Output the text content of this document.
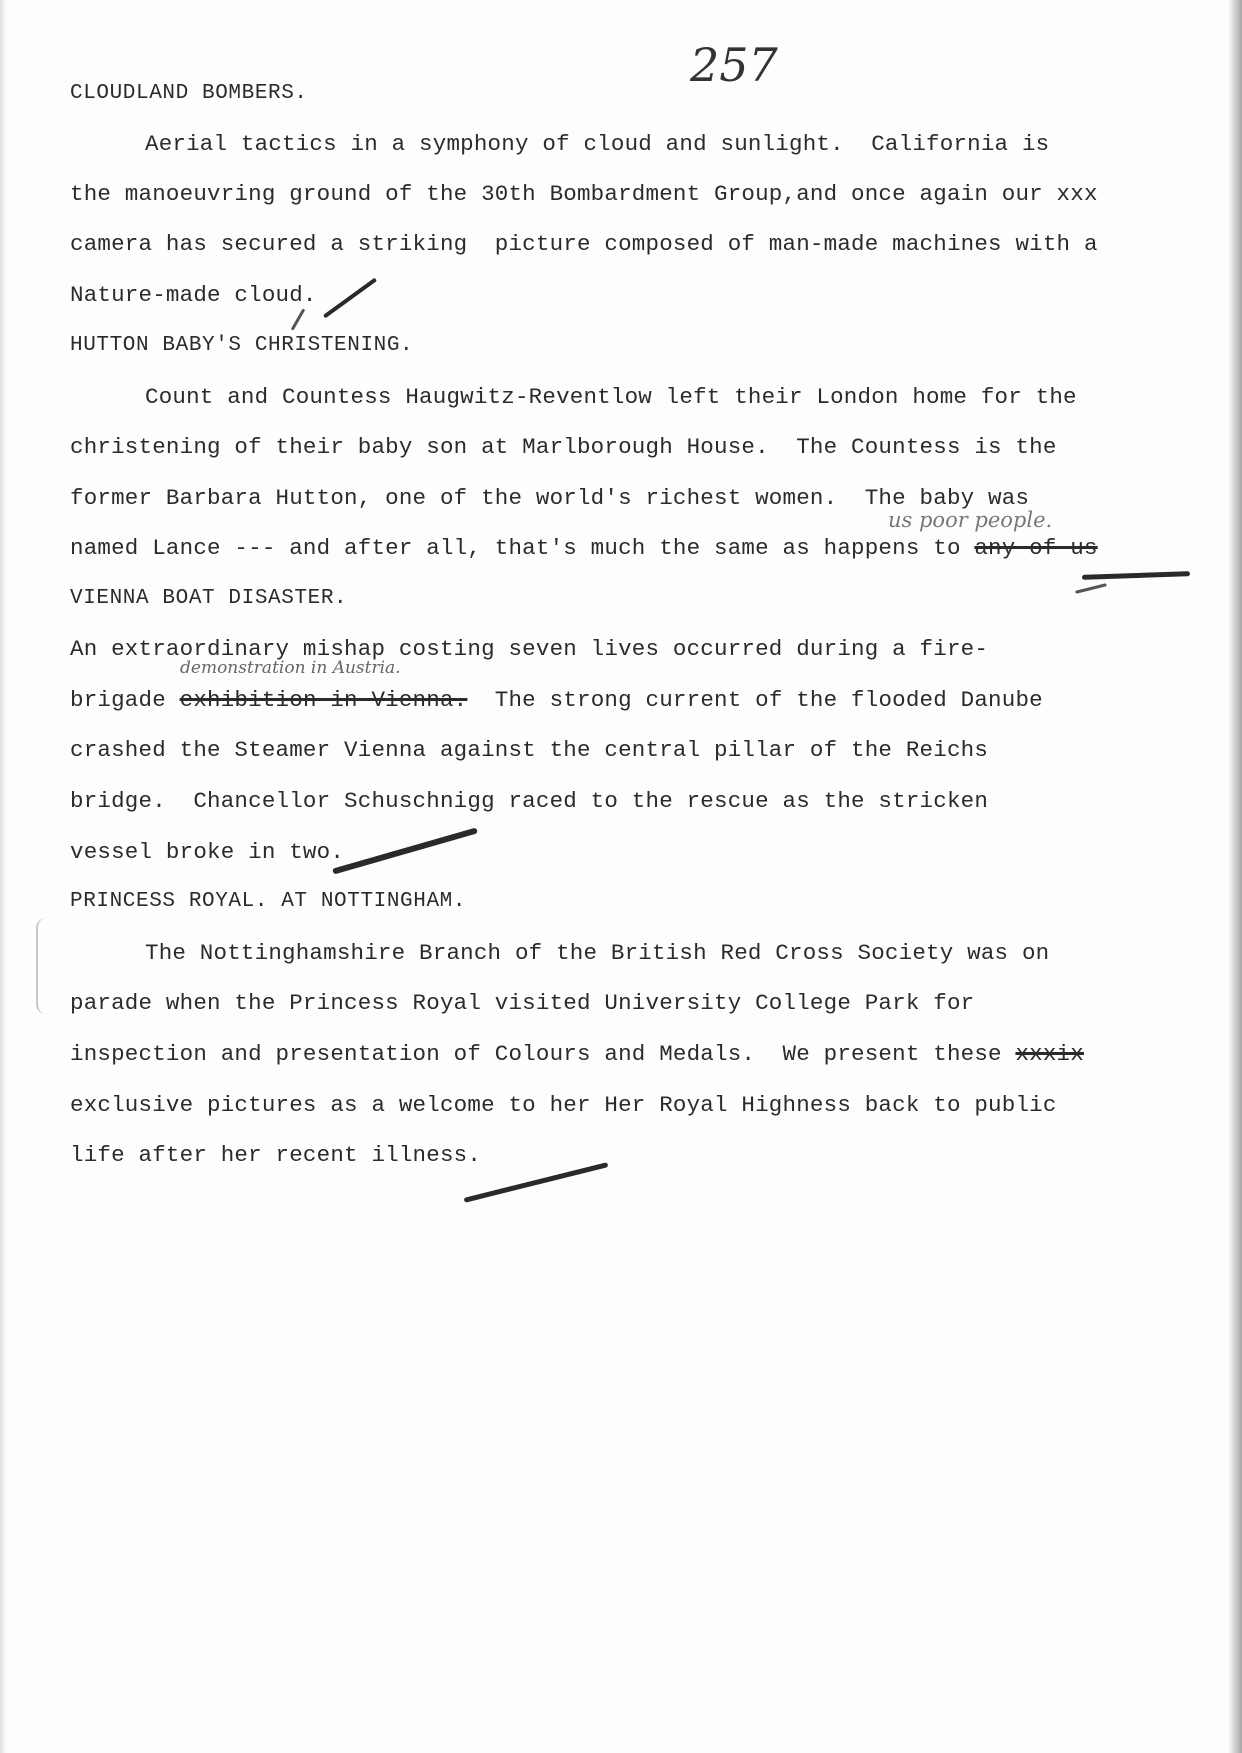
257
CLOUDLAND BOMBERS.
Aerial tactics in a symphony of cloud and sunlight.  California is
the manoeuvring ground of the 30th Bombardment Group,and once again our xxx
camera has secured a striking  picture composed of man-made machines with a
Nature-made cloud.
HUTTON BABY'S CHRISTENING.
Count and Countess Haugwitz-Reventlow left their London home for the
christening of their baby son at Marlborough House.  The Countess is the
former Barbara Hutton, one of the world's richest women.  The baby was
us poor people.
named Lance --- and after all, that's much the same as happens to any of us
VIENNA BOAT DISASTER.
An extraordinary mishap costing seven lives occurred during a fire-
demonstration in Austria.
brigade exhibition in Vienna. The strong current of the flooded Danube
crashed the Steamer Vienna against the central pillar of the Reichs
bridge.  Chancellor Schuschnigg raced to the rescue as the stricken
vessel broke in two.
PRINCESS ROYAL. AT NOTTINGHAM.
The Nottinghamshire Branch of the British Red Cross Society was on
parade when the Princess Royal visited University College Park for
inspection and presentation of Colours and Medals.  We present these xxxix
exclusive pictures as a welcome to her Her Royal Highness back to public
life after her recent illness.
